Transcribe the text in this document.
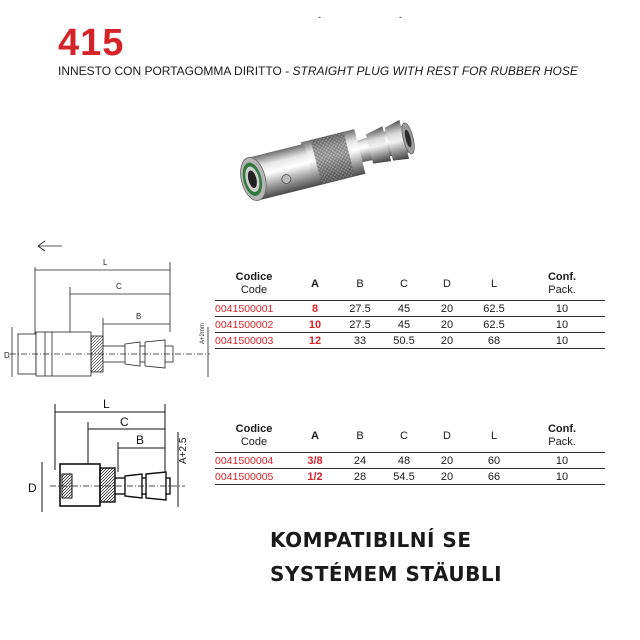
--
415
INNESTO CON PORTAGOMMA DIRITTO - STRAIGHT PLUG WITH REST FOR RUBBER HOSE
L
C
B
D
A+2mm
Codice
Code	A	B	C	D	L	Conf.
Pack.
0041500001	8	27.5	45	20	62.5	10
0041500002	10	27.5	45	20	62.5	10
0041500003	12	33	50.5	20	68	10
L
C
B
D
A+2.5
Codice
Code	A	B	C	D	L	Conf.
Pack.
0041500004	3/8	24	48	20	60	10
0041500005	1/2	28	54.5	20	66	10
KOMPATIBILNÍ SE
SYSTÉMEM STÄUBLI
